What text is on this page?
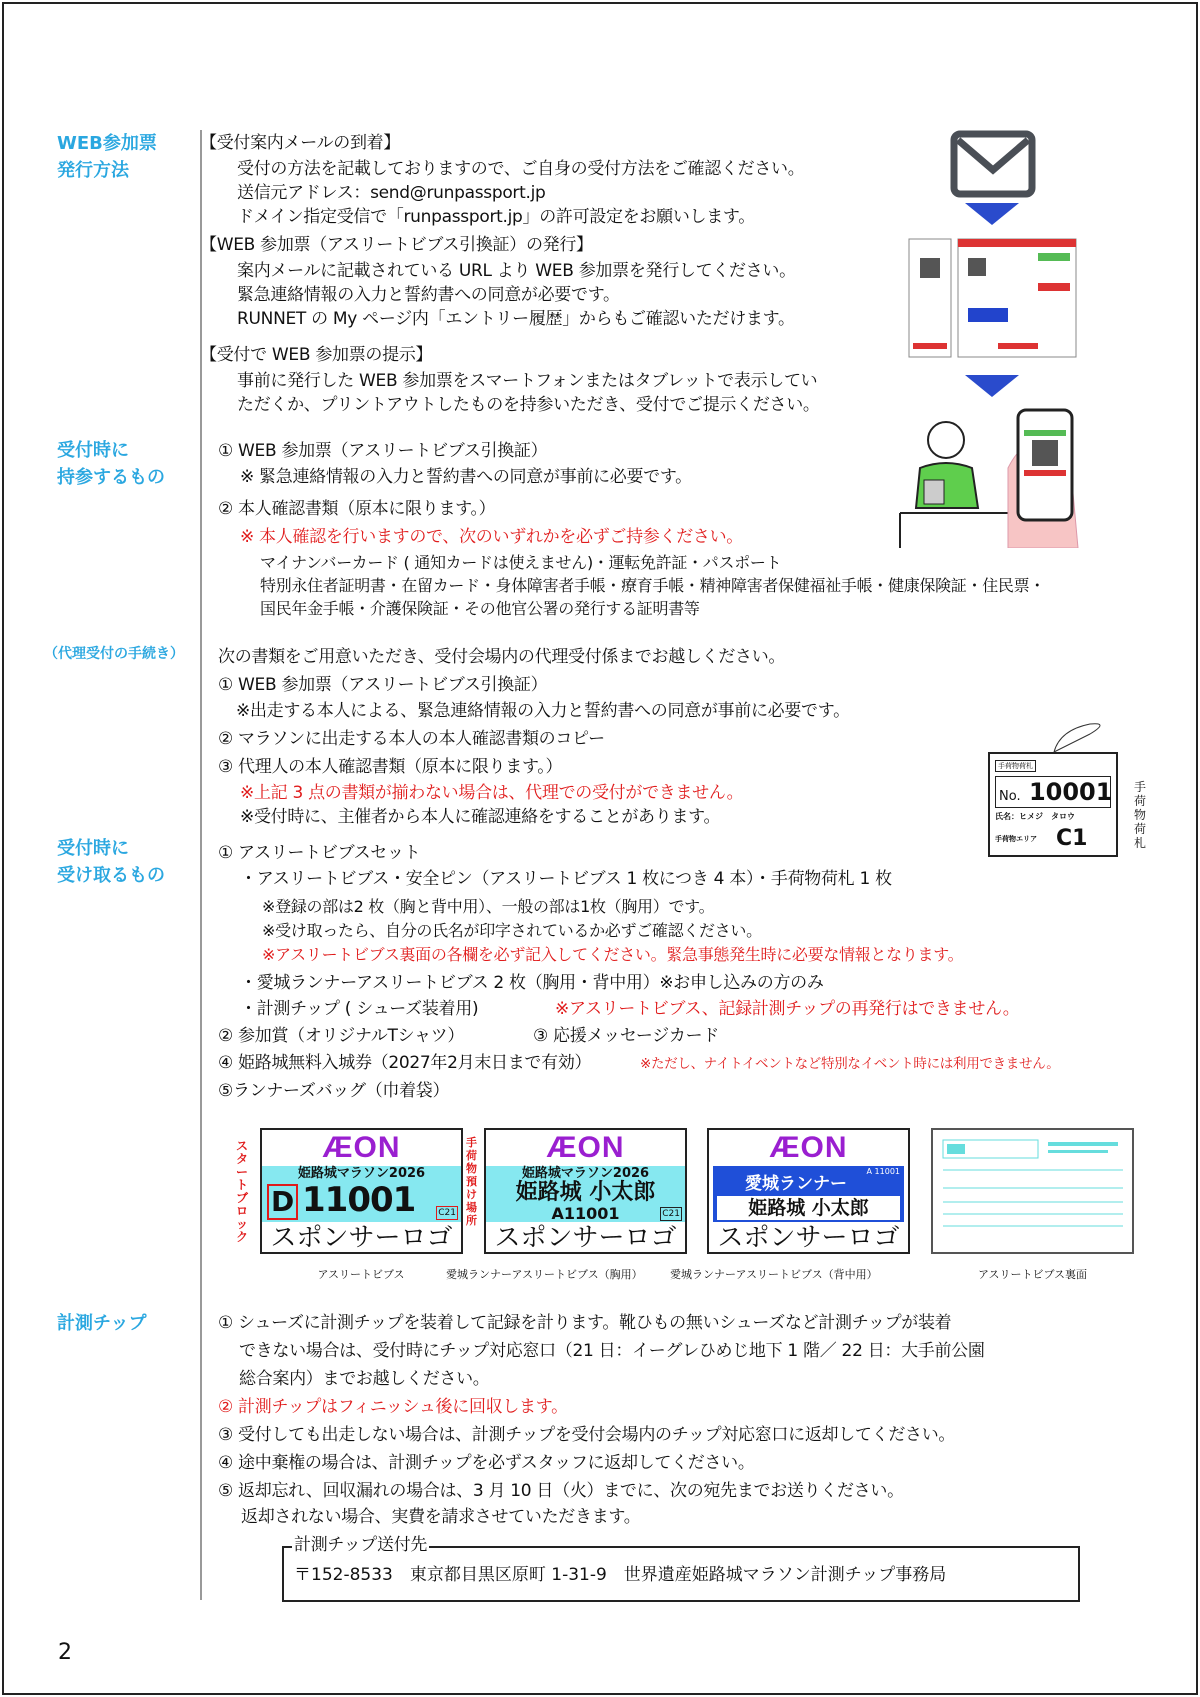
WEB参加票
発行方法
【受付案内メールの到着】
受付の方法を記載しておりますので、ご自身の受付方法をご確認ください。
送信元アドレス：send@runpassport.jp
ドメイン指定受信で「runpassport.jp」の許可設定をお願いします。
【WEB 参加票（アスリートビブス引換証）の発行】
案内メールに記載されている URL より WEB 参加票を発行してください。
緊急連絡情報の入力と誓約書への同意が必要です。
RUNNET の My ページ内「エントリー履歴」からもご確認いただけます。
【受付で WEB 参加票の提示】
事前に発行した WEB 参加票をスマートフォンまたはタブレットで表示してい
ただくか、プリントアウトしたものを持参いただき、受付でご提示ください。
受付時に
持参するもの
① WEB 参加票（アスリートビブス引換証）
※ 緊急連絡情報の入力と誓約書への同意が事前に必要です。
② 本人確認書類（原本に限ります。）
※ 本人確認を行いますので、次のいずれかを必ずご持参ください。
マイナンバーカード ( 通知カードは使えません)・運転免許証・パスポート
特別永住者証明書・在留カード・身体障害者手帳・療育手帳・精神障害者保健福祉手帳・健康保険証・住民票・
国民年金手帳・介護保険証・その他官公署の発行する証明書等
（代理受付の手続き） 次の書類をご用意いただき、受付会場内の代理受付係までお越しください。
① WEB 参加票（アスリートビブス引換証）
※出走する本人による、緊急連絡情報の入力と誓約書への同意が事前に必要です。
② マラソンに出走する本人の本人確認書類のコピー
③ 代理人の本人確認書類（原本に限ります。）
※上記 3 点の書類が揃わない場合は、代理での受付ができません。
※受付時に、主催者から本人に確認連絡をすることがあります。
手荷物荷札
No. 10001
氏名：ヒメジ　タロウ
手荷物エリア C1
手荷物荷札
受付時に
受け取るもの
① アスリートビブスセット
・アスリートビブス・安全ピン（アスリートビブス 1 枚につき 4 本）・手荷物荷札 1 枚
※登録の部は2 枚（胸と背中用）、一般の部は1枚（胸用）です。
※受け取ったら、自分の氏名が印字されているか必ずご確認ください。
※アスリートビブス裏面の各欄を必ず記入してください。緊急事態発生時に必要な情報となります。
・愛城ランナーアスリートビブス 2 枚（胸用・背中用）※お申し込みの方のみ
・計測チップ ( シューズ装着用)	※アスリートビブス、記録計測チップの再発行はできません。
② 参加賞（オリジナルTシャツ）	③ 応援メッセージカード
④ 姫路城無料入城券（2027年2月末日まで有効）	※ただし、ナイトイベントなど特別なイベント時には利用できません。
⑤ランナーズバッグ（巾着袋）
スタートブロック
ÆON
姫路城マラソン2026
D 11001	C21
スポンサーロゴ
手荷物預け場所
ÆON
姫路城マラソン2026
姫路城 小太郎
A11001	C21
スポンサーロゴ
ÆON
A 11001
愛城ランナー
姫路城 小太郎
スポンサーロゴ
アスリートビブス	愛城ランナーアスリートビブス（胸用） 愛城ランナーアスリートビブス（背中用）	アスリートビブス裏面
計測チップ	① シューズに計測チップを装着して記録を計ります。靴ひもの無いシューズなど計測チップが装着
できない場合は、受付時にチップ対応窓口（21 日：イーグレひめじ地下 1 階／ 22 日：大手前公園
総合案内）までお越しください。
② 計測チップはフィニッシュ後に回収します。
③ 受付しても出走しない場合は、計測チップを受付会場内のチップ対応窓口に返却してください。
④ 途中棄権の場合は、計測チップを必ずスタッフに返却してください。
⑤ 返却忘れ、回収漏れの場合は、3 月 10 日（火）までに、次の宛先までお送りください。
返却されない場合、実費を請求させていただきます。
〒152-8533　東京都目黒区原町 1-31-9　世界遺産姫路城マラソン計測チップ事務局
計測チップ送付先
2
